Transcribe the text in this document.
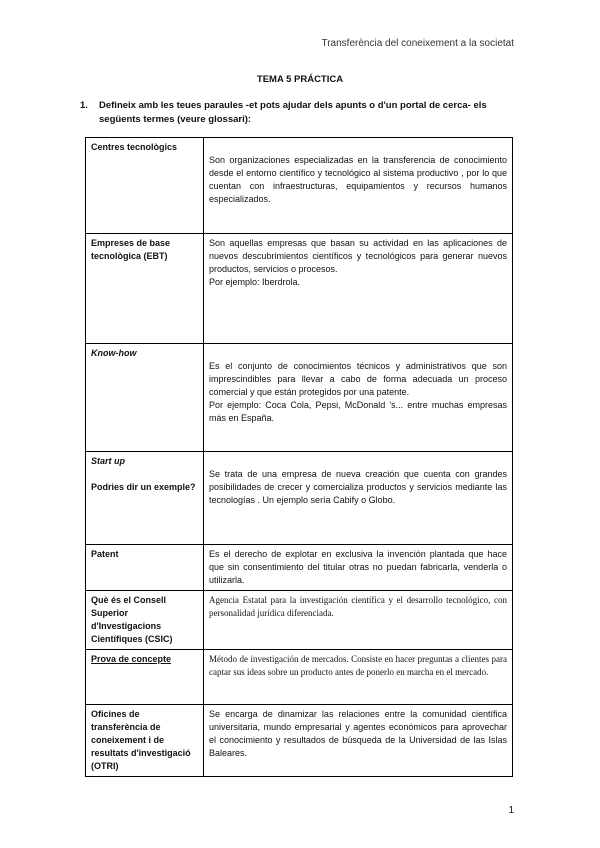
Transferència del coneixement a la societat
TEMA 5 PRÁCTICA
1. Defineix amb les teues paraules -et pots ajudar dels apunts o d'un portal de cerca- els següents termes (veure glossari):
Centres tecnològics	Son organizaciones especializadas en la transferencia de conocimiento desde el entorno científico y tecnológico al sistema productivo , por lo que cuentan con infraestructuras, equipamientos y recursos humanos especializados.
Empreses de base tecnològica (EBT)	Son aquellas empresas que basan su actividad en las aplicaciones de nuevos descubrimientos científicos y tecnológicos para generar nuevos productos, servicios o procesos.
Por ejemplo: Iberdrola.
Know-how	Es el conjunto de conocimientos técnicos y administrativos que son imprescindibles para llevar a cabo de forma adecuada un proceso comercial y que están protegidos por una patente.
Por ejemplo: Coca Cola, Pepsi, McDonald 's... entre muchas empresas más en España.
Start up
Podries dir un exemple?	Se trata de una empresa de nueva creación que cuenta con grandes posibilidades de crecer y comercializa productos y servicios mediante las tecnologías . Un ejemplo sería Cabify o Globo.
Patent	Es el derecho de explotar en exclusiva la invención plantada que hace que sin consentimiento del titular otras no puedan fabricarla, venderla o utilizarla.
Què és el Consell Superior d'Investigacions Científiques (CSIC)	Agencia Estatal para la investigación científica y el desarrollo tecnológico, con personalidad jurídica diferenciada.
Prova de concepte	Método de investigación de mercados. Consiste en hacer preguntas a clientes para captar sus ideas sobre un producto antes de ponerlo en marcha en el mercado.
Oficines de transferència de coneixement i de resultats d'investigació (OTRI)	Se encarga de dinamizar las relaciones entre la comunidad científica universitaria, mundo empresarial y agentes económicos para aprovechar el conocimiento y resultados de búsqueda de la Universidad de las Islas Baleares.
1
